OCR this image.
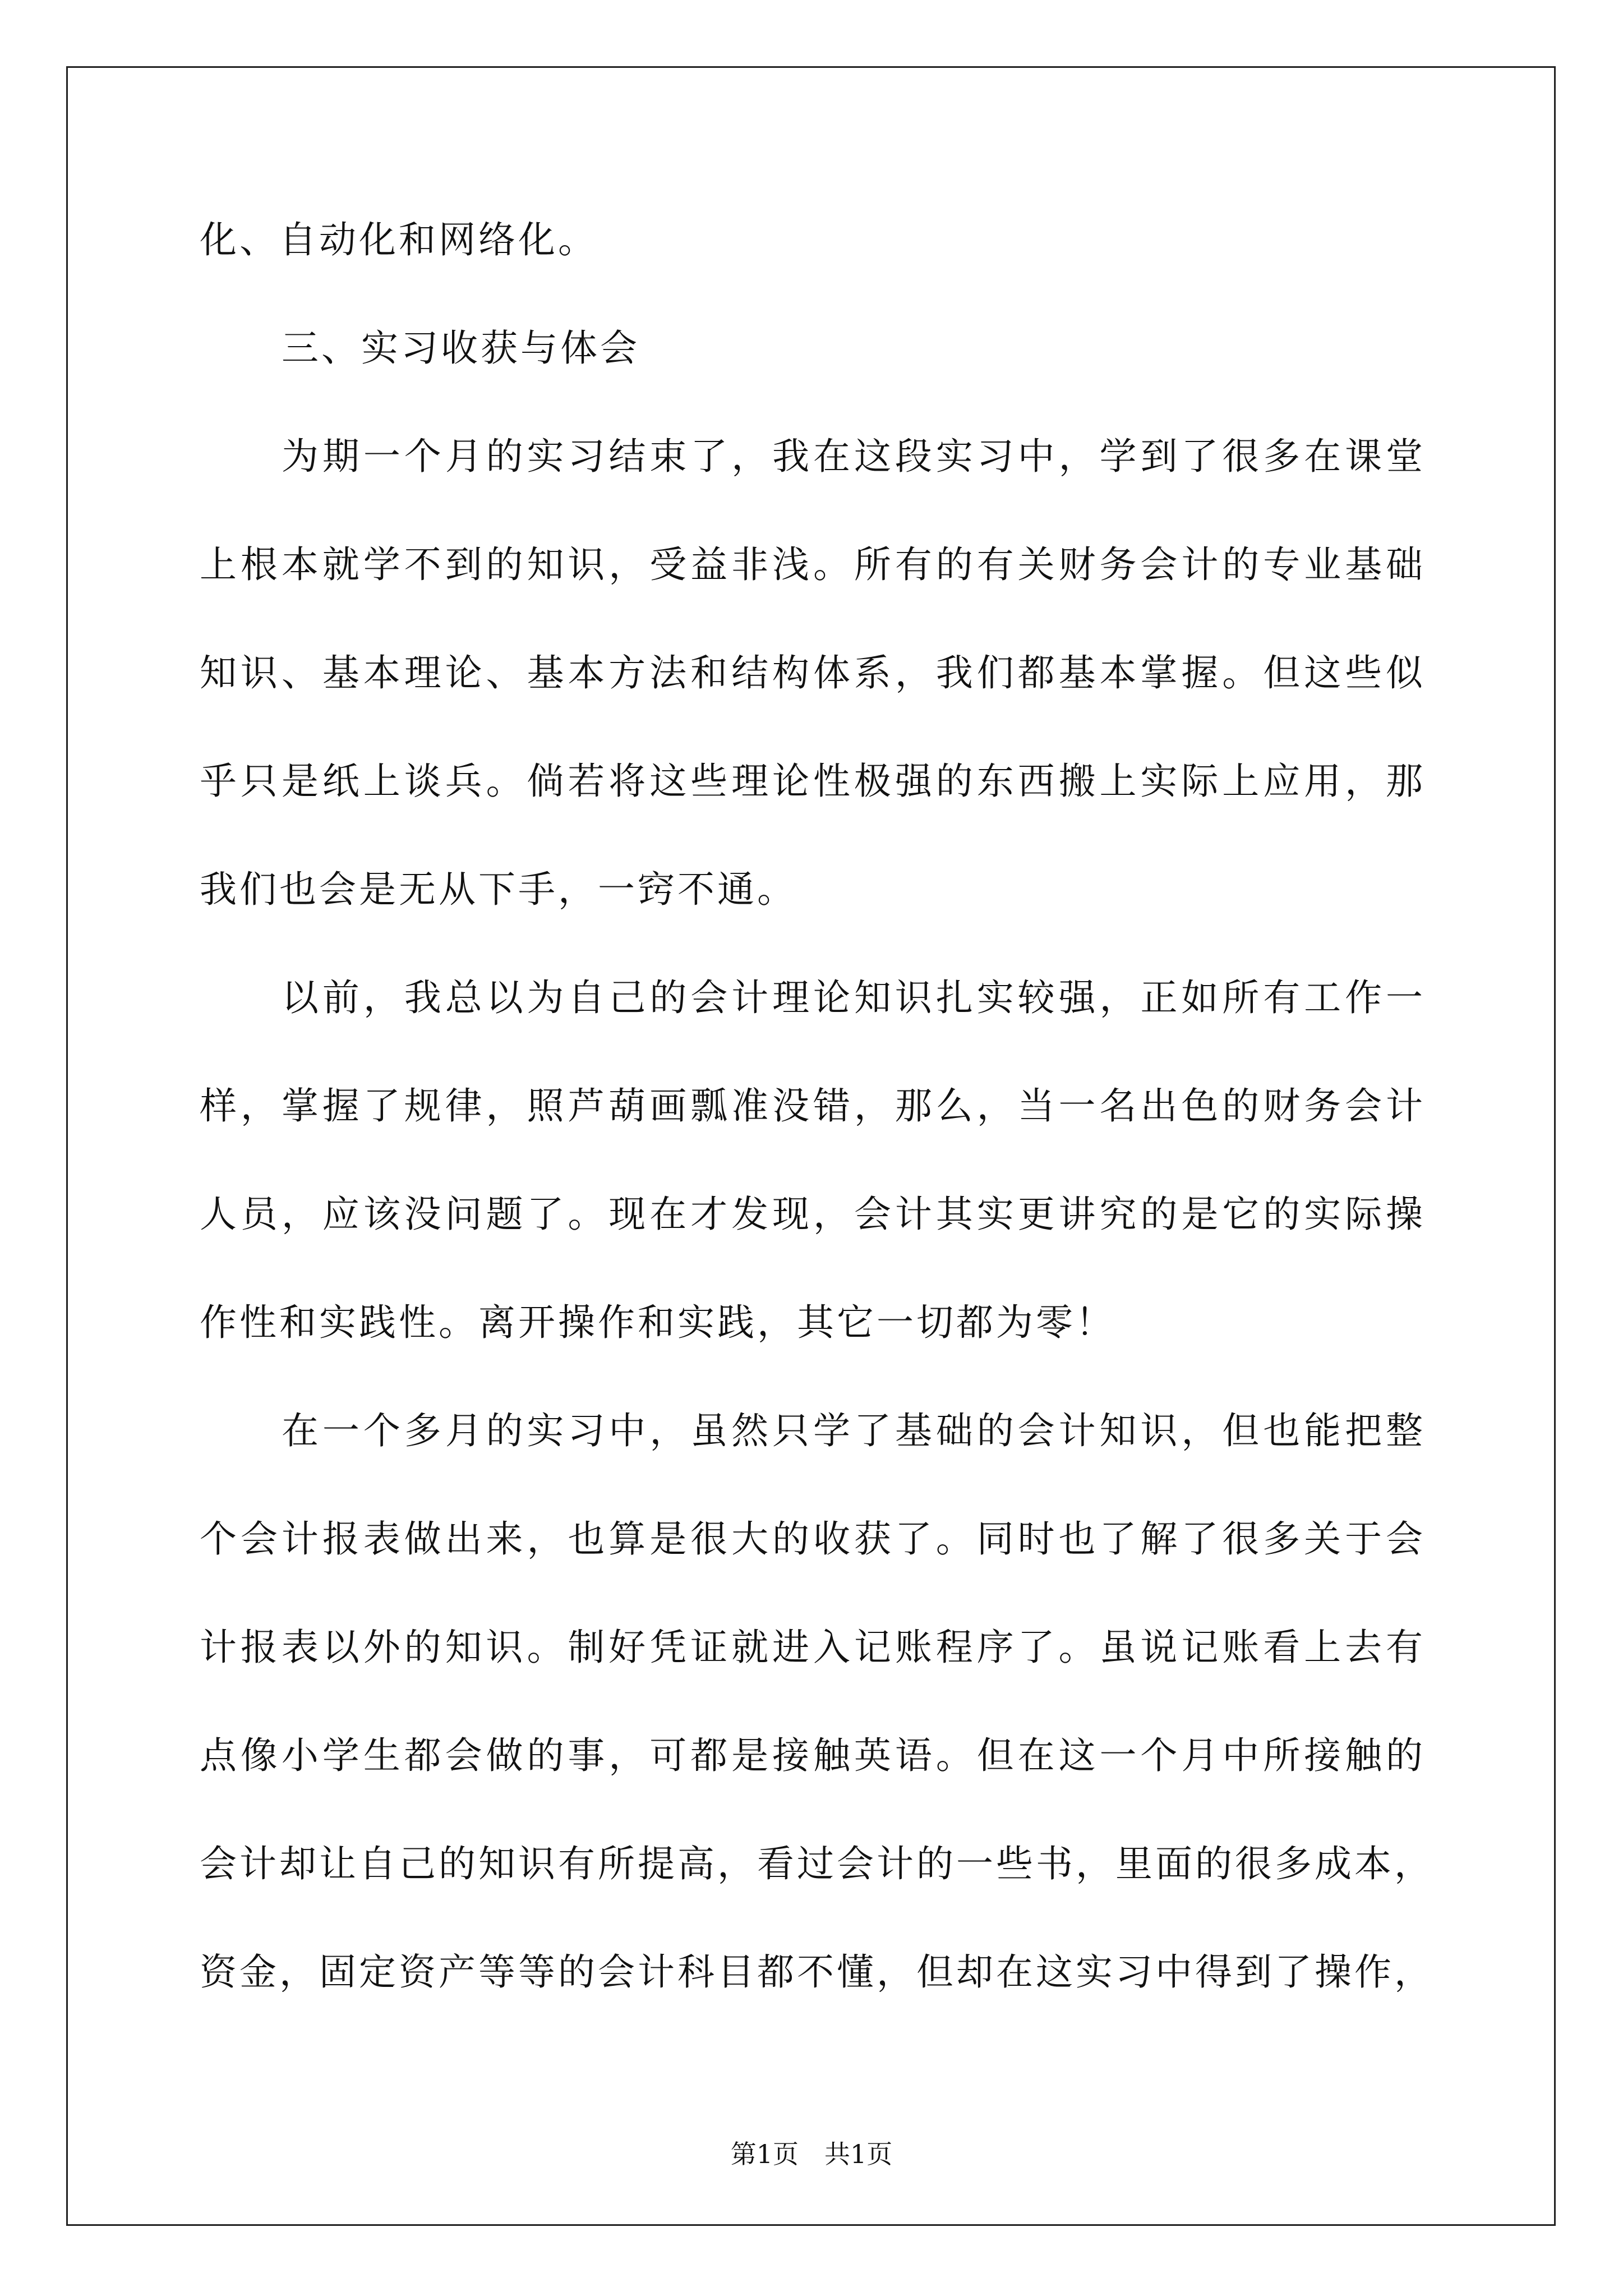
化、自动化和网络化。
三、实习收获与体会
为期一个月的实习结束了，我在这段实习中，学到了很多在课堂
上根本就学不到的知识，受益非浅。所有的有关财务会计的专业基础
知识、基本理论、基本方法和结构体系，我们都基本掌握。但这些似
乎只是纸上谈兵。倘若将这些理论性极强的东西搬上实际上应用，那
我们也会是无从下手，一窍不通。
以前，我总以为自己的会计理论知识扎实较强，正如所有工作一
样，掌握了规律，照芦葫画瓢准没错，那么，当一名出色的财务会计
人员，应该没问题了。现在才发现，会计其实更讲究的是它的实际操
作性和实践性。离开操作和实践，其它一切都为零！
在一个多月的实习中，虽然只学了基础的会计知识，但也能把整
个会计报表做出来，也算是很大的收获了。同时也了解了很多关于会
计报表以外的知识。制好凭证就进入记账程序了。虽说记账看上去有
点像小学生都会做的事，可都是接触英语。但在这一个月中所接触的
会计却让自己的知识有所提高，看过会计的一些书，里面的很多成本，
资金，固定资产等等的会计科目都不懂，但却在这实习中得到了操作，
第1页 共1页
